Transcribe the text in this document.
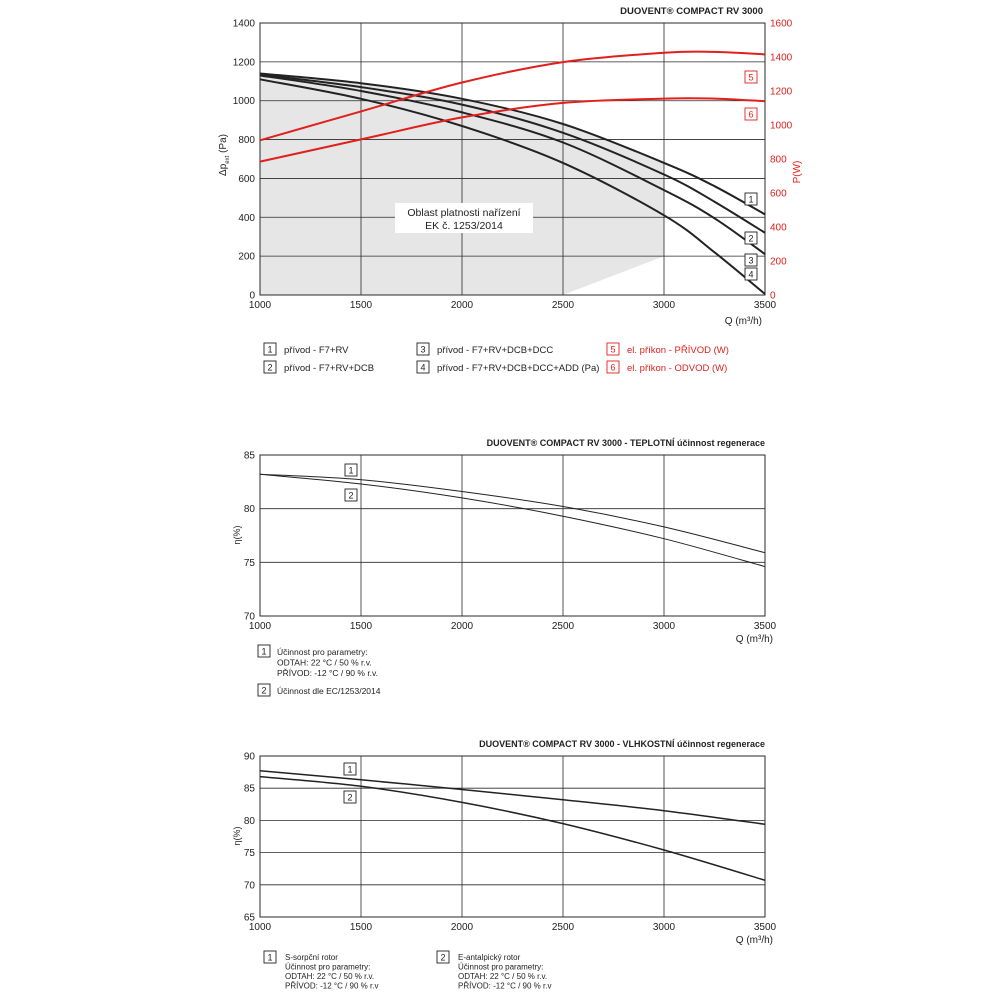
1000	1500	2000	2500	3000	3500
0
200
400
600
800
1000
1200
1400
0
200
400
600
800
1000
1200
1400
1600
Oblast platnosti nařízení
EK č. 1253/2014
1
2
3
4
5
6
DUOVENT® COMPACT RV 3000
Q (m³/h)
$\Delta p_{ext}$ (Pa)
P(W)
1 přívod - F7+RV
2 přívod - F7+RV+DCB
3 přívod - F7+RV+DCB+DCC
4 přívod - F7+RV+DCB+DCC+ADD (Pa)
5 el. příkon - PŘÍVOD (W)
6 el. příkon - ODVOD (W)
1000	1500	2000	2500	3000	3500
70
75
80
85
1
2
DUOVENT® COMPACT RV 3000 - TEPLOTNÍ účinnost regenerace
Q (m³/h)
η(%)
1 Účinnost pro parametry:
ODTAH: 22 °C / 50 % r.v.
PŘÍVOD: -12 °C / 90 % r.v.
2 Účinnost dle EC/1253/2014
1000	1500	2000	2500	3000	3500
65
70
75
80
85
90
1
2
DUOVENT® COMPACT RV 3000 - VLHKOSTNÍ účinnost regenerace
Q (m³/h)
η(%)
1 S-sorpční rotor
Účinnost pro parametry:
ODTAH: 22 °C / 50 % r.v.
PŘÍVOD: -12 °C / 90 % r.v
2 E-antalpický rotor
Účinnost pro parametry:
ODTAH: 22 °C / 50 % r.v.
PŘÍVOD: -12 °C / 90 % r.v
